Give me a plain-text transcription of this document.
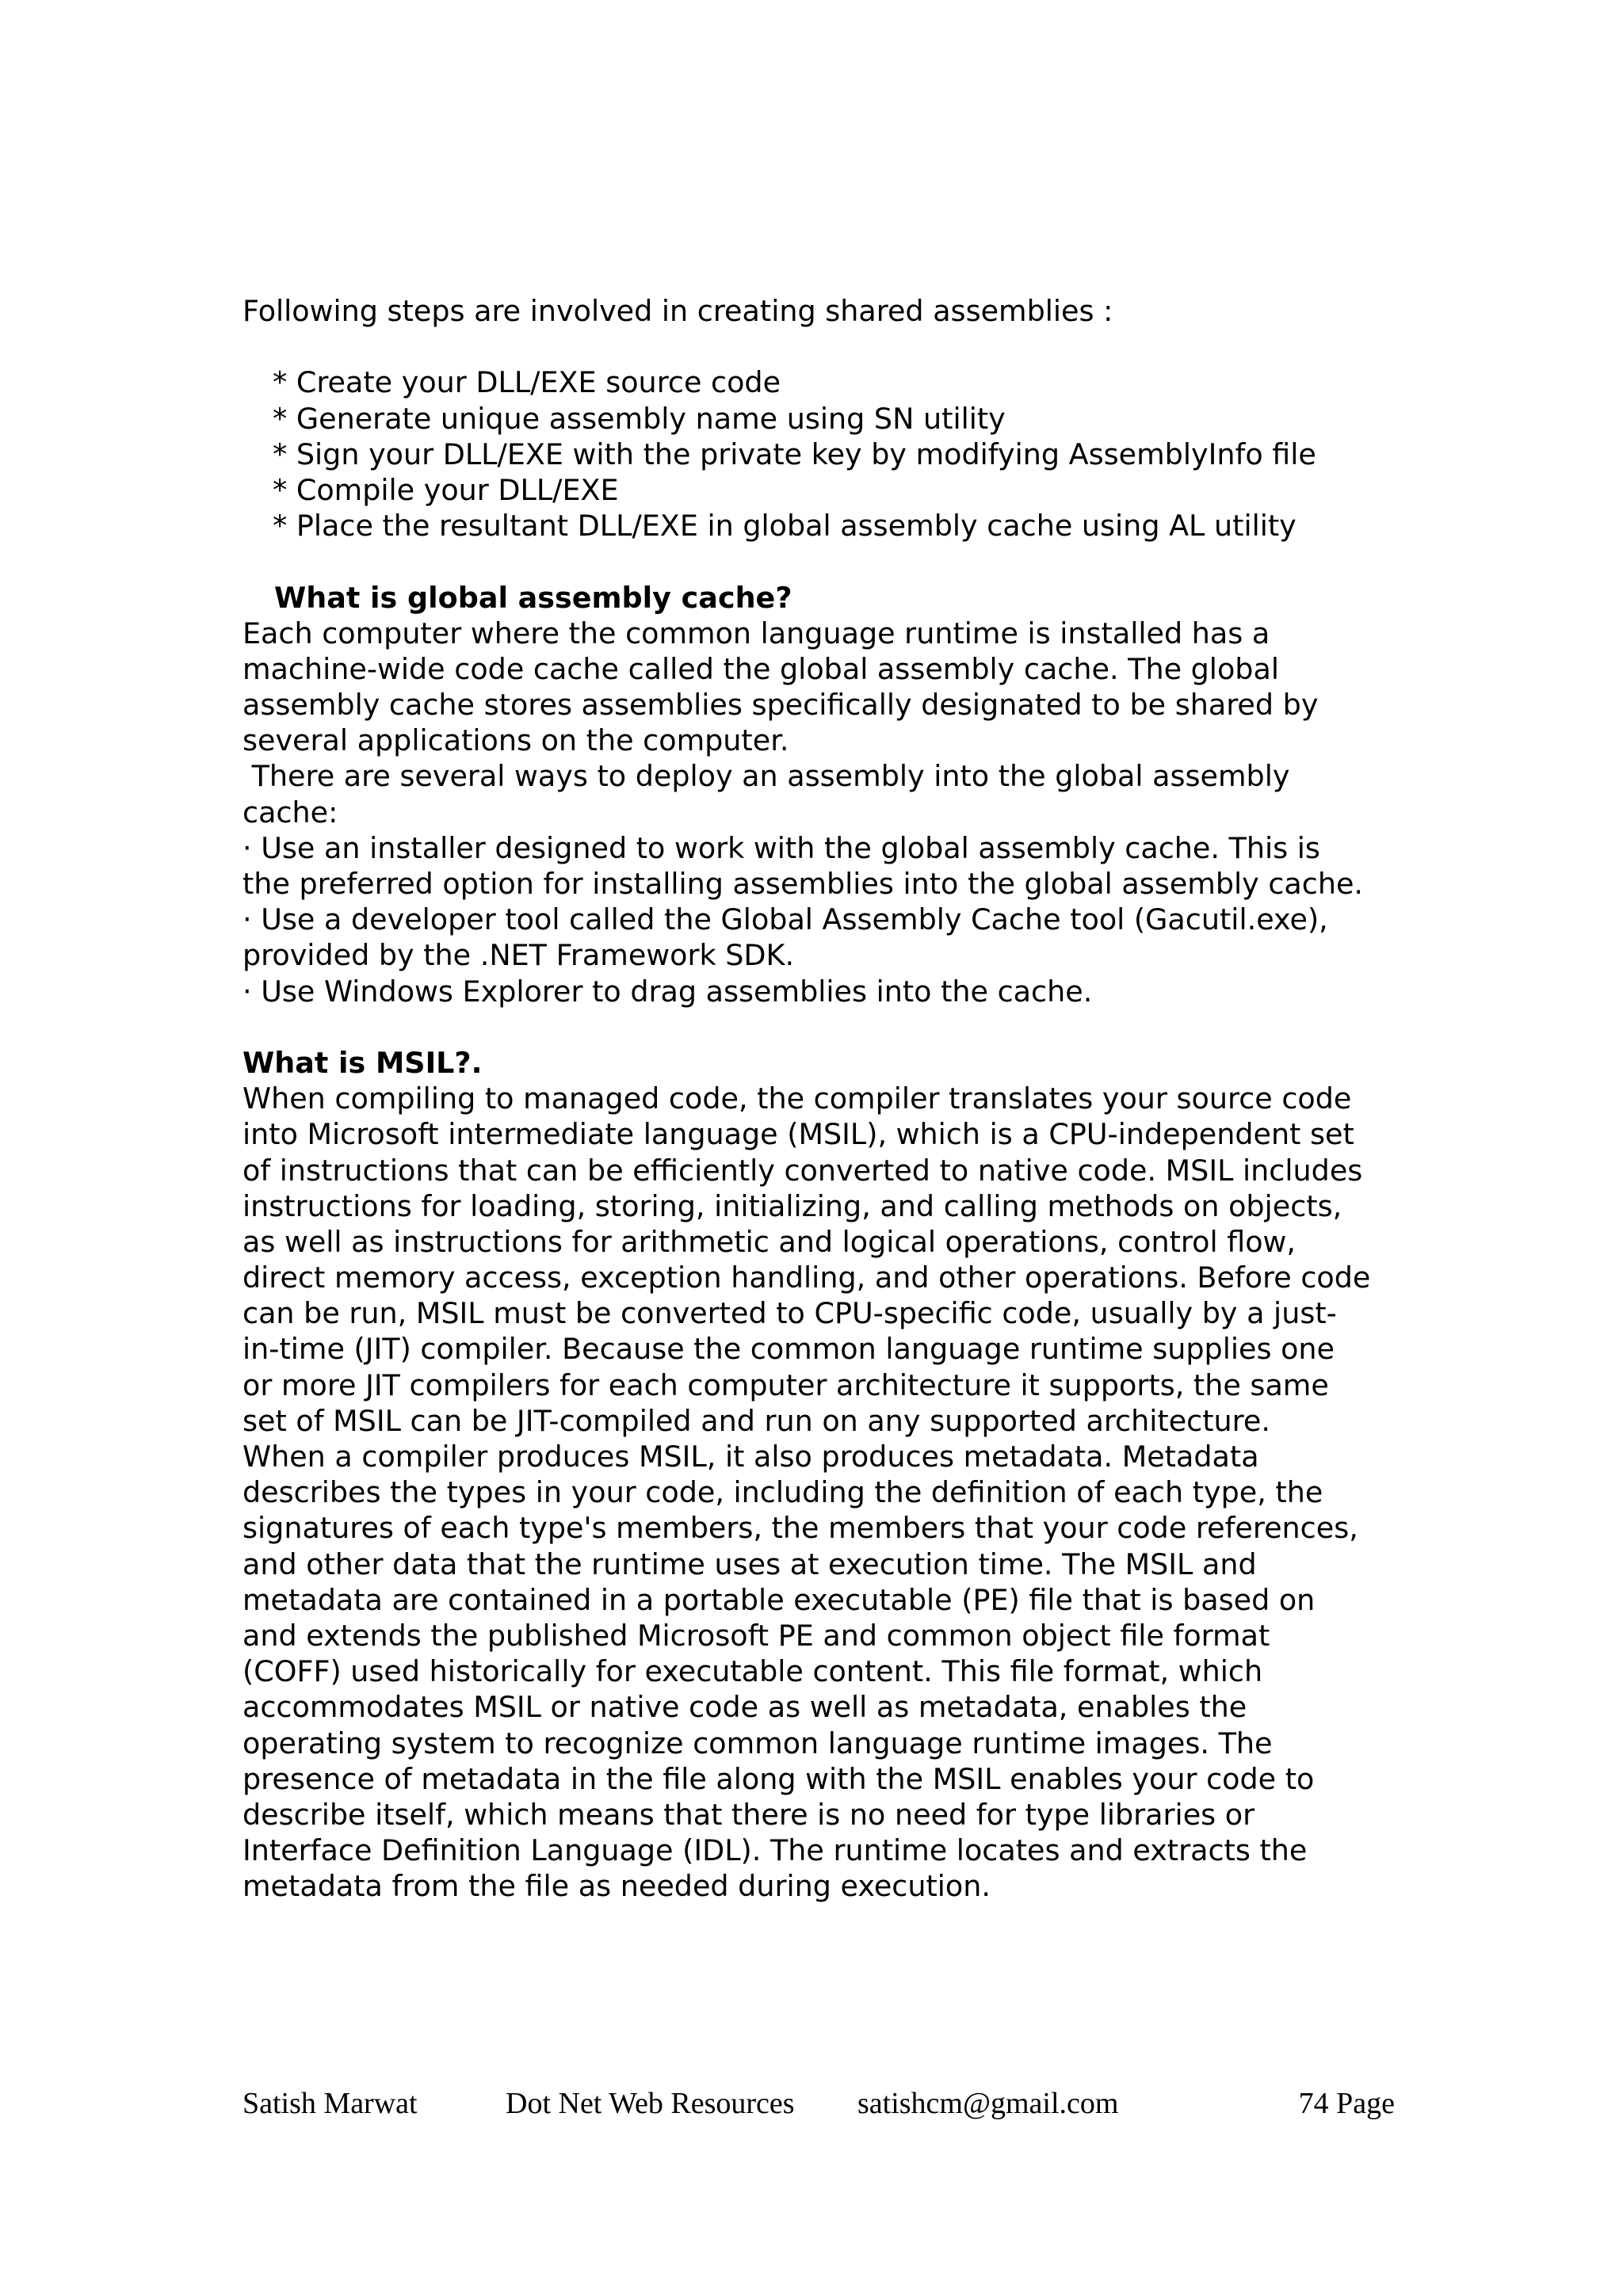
Following steps are involved in creating shared assemblies :
* Create your DLL/EXE source code
* Generate unique assembly name using SN utility
* Sign your DLL/EXE with the private key by modifying AssemblyInfo file
* Compile your DLL/EXE
* Place the resultant DLL/EXE in global assembly cache using AL utility
What is global assembly cache?
Each computer where the common language runtime is installed has a
machine-wide code cache called the global assembly cache. The global
assembly cache stores assemblies specifically designated to be shared by
several applications on the computer.
There are several ways to deploy an assembly into the global assembly
cache:
· Use an installer designed to work with the global assembly cache. This is
the preferred option for installing assemblies into the global assembly cache.
· Use a developer tool called the Global Assembly Cache tool (Gacutil.exe),
provided by the .NET Framework SDK.
· Use Windows Explorer to drag assemblies into the cache.
What is MSIL?.
When compiling to managed code, the compiler translates your source code
into Microsoft intermediate language (MSIL), which is a CPU-independent set
of instructions that can be efficiently converted to native code. MSIL includes
instructions for loading, storing, initializing, and calling methods on objects,
as well as instructions for arithmetic and logical operations, control flow,
direct memory access, exception handling, and other operations. Before code
can be run, MSIL must be converted to CPU-specific code, usually by a just-
in-time (JIT) compiler. Because the common language runtime supplies one
or more JIT compilers for each computer architecture it supports, the same
set of MSIL can be JIT-compiled and run on any supported architecture.
When a compiler produces MSIL, it also produces metadata. Metadata
describes the types in your code, including the definition of each type, the
signatures of each type's members, the members that your code references,
and other data that the runtime uses at execution time. The MSIL and
metadata are contained in a portable executable (PE) file that is based on
and extends the published Microsoft PE and common object file format
(COFF) used historically for executable content. This file format, which
accommodates MSIL or native code as well as metadata, enables the
operating system to recognize common language runtime images. The
presence of metadata in the file along with the MSIL enables your code to
describe itself, which means that there is no need for type libraries or
Interface Definition Language (IDL). The runtime locates and extracts the
metadata from the file as needed during execution.
Satish Marwat	Dot Net Web Resources satishcm@gmail.com	74 Page
